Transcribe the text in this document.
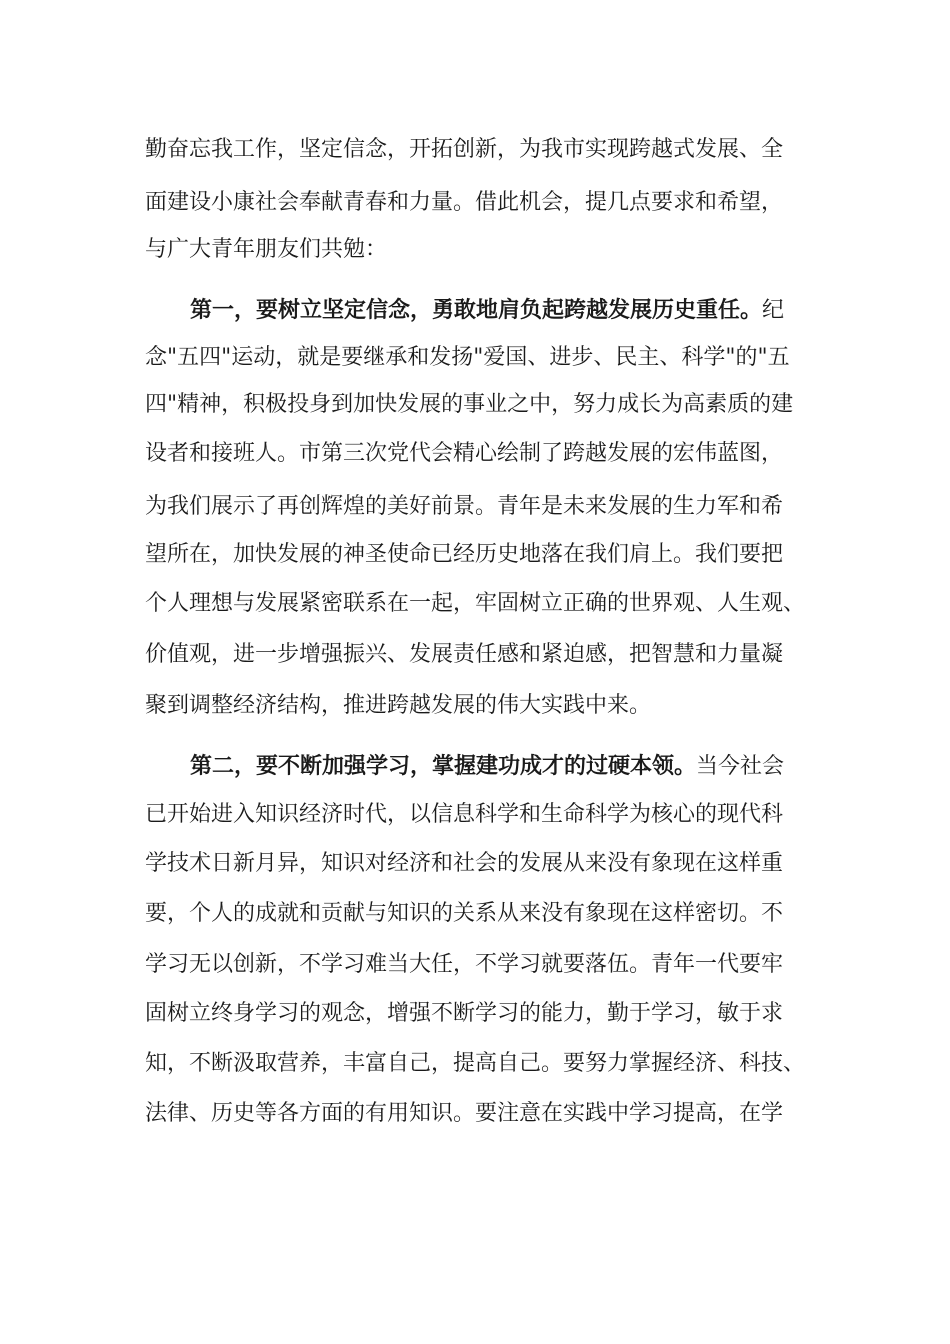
勤奋忘我工作，坚定信念，开拓创新，为我市实现跨越式发展、全
面建设小康社会奉献青春和力量。借此机会，提几点要求和希望，
与广大青年朋友们共勉：
第一，要树立坚定信念，勇敢地肩负起跨越发展历史重任。纪
念"五四"运动，就是要继承和发扬"爱国、进步、民主、科学"的"五
四"精神，积极投身到加快发展的事业之中，努力成长为高素质的建
设者和接班人。市第三次党代会精心绘制了跨越发展的宏伟蓝图，
为我们展示了再创辉煌的美好前景。青年是未来发展的生力军和希
望所在，加快发展的神圣使命已经历史地落在我们肩上。我们要把
个人理想与发展紧密联系在一起，牢固树立正确的世界观、人生观、
价值观，进一步增强振兴、发展责任感和紧迫感，把智慧和力量凝
聚到调整经济结构，推进跨越发展的伟大实践中来。
第二，要不断加强学习，掌握建功成才的过硬本领。当今社会
已开始进入知识经济时代，以信息科学和生命科学为核心的现代科
学技术日新月异，知识对经济和社会的发展从来没有象现在这样重
要，个人的成就和贡献与知识的关系从来没有象现在这样密切。不
学习无以创新，不学习难当大任，不学习就要落伍。青年一代要牢
固树立终身学习的观念，增强不断学习的能力，勤于学习，敏于求
知，不断汲取营养，丰富自己，提高自己。要努力掌握经济、科技、
法律、历史等各方面的有用知识。要注意在实践中学习提高，在学
